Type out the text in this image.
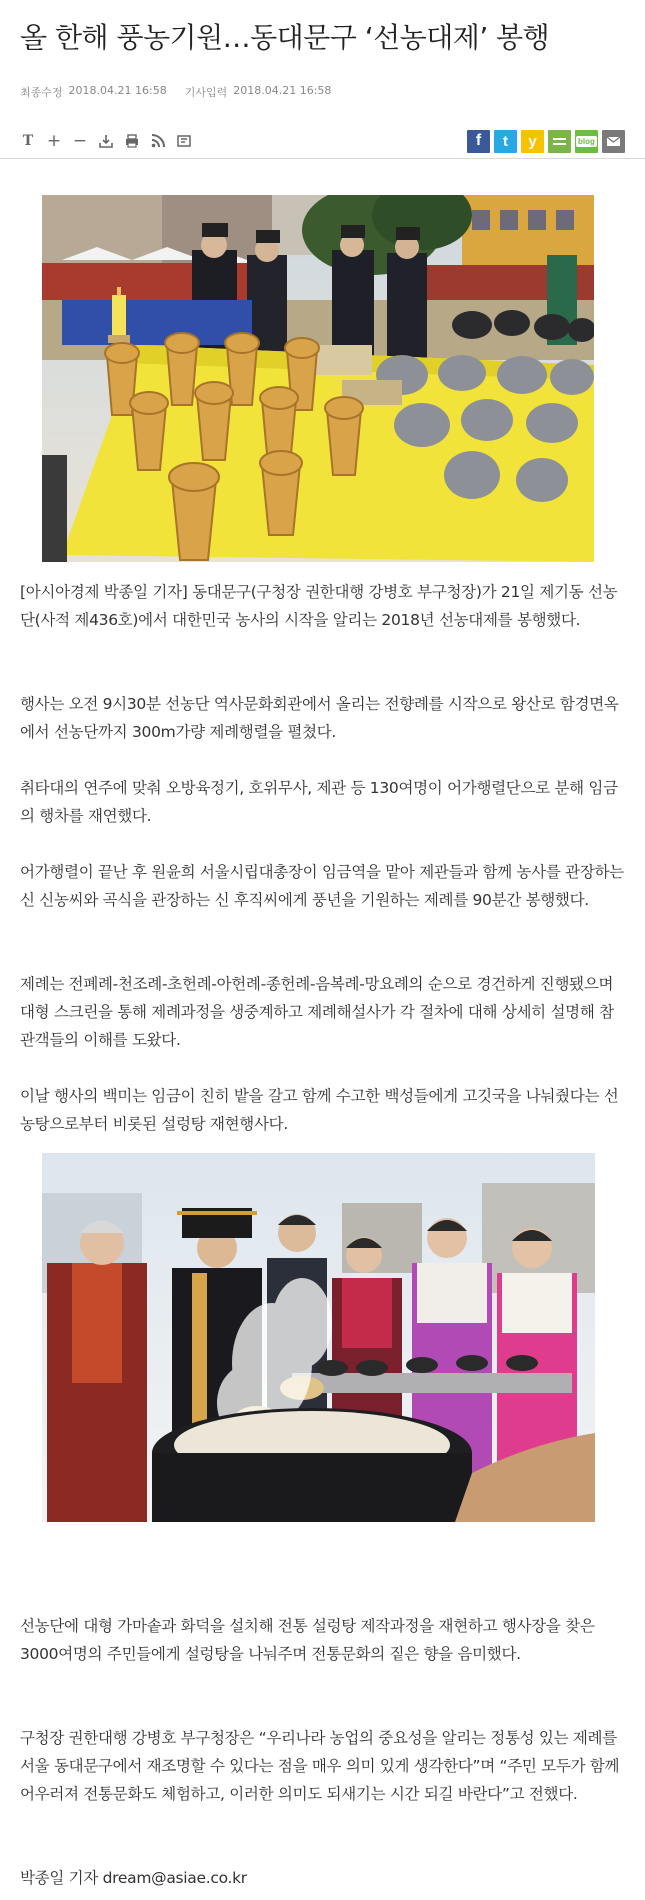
올 한해 풍농기원…동대문구 ‘선농대제’ 봉행
최종수정 2018.04.21 16:58 기사입력 2018.04.21 16:58
T + −	f	t	y	blog

[아시아경제 박종일 기자] 동대문구(구청장 권한대행 강병호 부구청장)가 21일 제기동 선농단(사적 제436호)에서 대한민국 농사의 시작을 알리는 2018년 선농대제를 봉행했다.

행사는 오전 9시30분 선농단 역사문화회관에서 올리는 전향례를 시작으로 왕산로 함경면옥에서 선농단까지 300m가량 제례행렬을 펼쳤다.

취타대의 연주에 맞춰 오방육정기, 호위무사, 제관 등 130여명이 어가행렬단으로 분해 임금의 행차를 재연했다.

어가행렬이 끝난 후 원윤희 서울시립대총장이 임금역을 맡아 제관들과 함께 농사를 관장하는 신 신농씨와 곡식을 관장하는 신 후직씨에게 풍년을 기원하는 제례를 90분간 봉행했다.

제례는 전폐례-천조례-초헌례-아헌례-종헌례-음복례-망요례의 순으로 경건하게 진행됐으며 대형 스크린을 통해 제례과정을 생중계하고 제례해설사가 각 절차에 대해 상세히 설명해 참관객들의 이해를 도왔다.

이날 행사의 백미는 임금이 친히 밭을 갈고 함께 수고한 백성들에게 고깃국을 나눠줬다는 선농탕으로부터 비롯된 설렁탕 재현행사다.

선농단에 대형 가마솥과 화덕을 설치해 전통 설렁탕 제작과정을 재현하고 행사장을 찾은 3000여명의 주민들에게 설렁탕을 나눠주며 전통문화의 짙은 향을 음미했다.

구청장 권한대행 강병호 부구청장은 “우리나라 농업의 중요성을 알리는 정통성 있는 제례를 서울 동대문구에서 재조명할 수 있다는 점을 매우 의미 있게 생각한다”며 “주민 모두가 함께 어우러져 전통문화도 체험하고, 이러한 의미도 되새기는 시간 되길 바란다”고 전했다.

박종일 기자 dream@asiae.co.kr
